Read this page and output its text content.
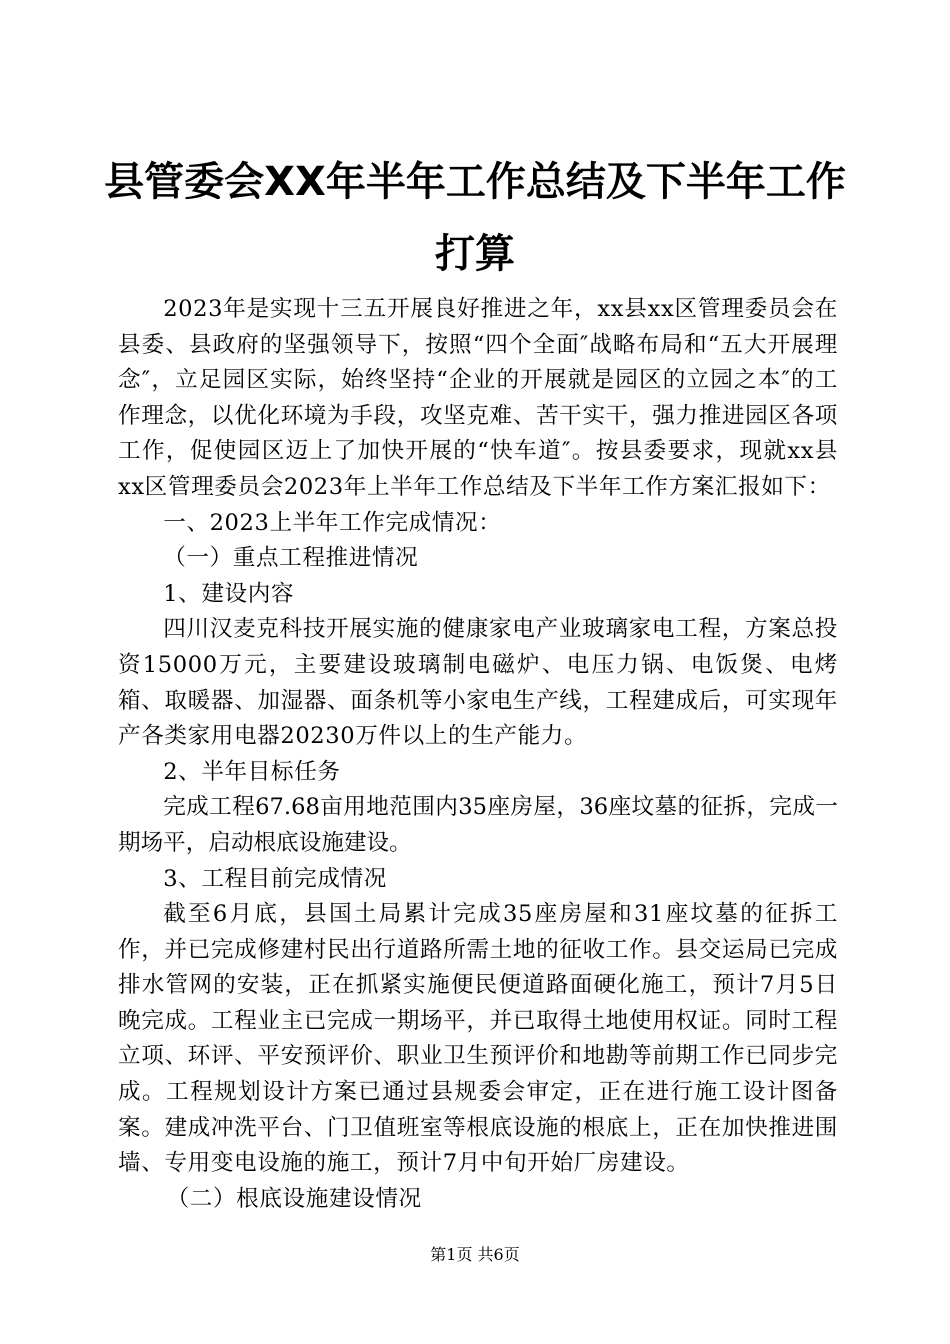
县管委会XX年半年工作总结及下半年工作打算

2023年是实现十三五开展良好推进之年，xx县xx区管理委员会在县委、县政府的坚强领导下，按照“四个全面″战略布局和“五大开展理念″，立足园区实际，始终坚持“企业的开展就是园区的立园之本″的工作理念，以优化环境为手段，攻坚克难、苦干实干，强力推进园区各项工作，促使园区迈上了加快开展的“快车道″。按县委要求，现就xx县xx区管理委员会2023年上半年工作总结及下半年工作方案汇报如下：

一、2023上半年工作完成情况：

（一）重点工程推进情况

1、建设内容

四川汉麦克科技开展实施的健康家电产业玻璃家电工程，方案总投资15000万元，主要建设玻璃制电磁炉、电压力锅、电饭煲、电烤箱、取暖器、加湿器、面条机等小家电生产线，工程建成后，可实现年产各类家用电器20230万件以上的生产能力。

2、半年目标任务

完成工程67.68亩用地范围内35座房屋，36座坟墓的征拆，完成一期场平，启动根底设施建设。

3、工程目前完成情况

截至6月底，县国土局累计完成35座房屋和31座坟墓的征拆工作，并已完成修建村民出行道路所需土地的征收工作。县交运局已完成排水管网的安装，正在抓紧实施便民便道路面硬化施工，预计7月5日晚完成。工程业主已完成一期场平，并已取得土地使用权证。同时工程立项、环评、平安预评价、职业卫生预评价和地勘等前期工作已同步完成。工程规划设计方案已通过县规委会审定，正在进行施工设计图备案。建成冲洗平台、门卫值班室等根底设施的根底上，正在加快推进围墙、专用变电设施的施工，预计7月中旬开始厂房建设。

（二）根底设施建设情况

第1页 共6页
